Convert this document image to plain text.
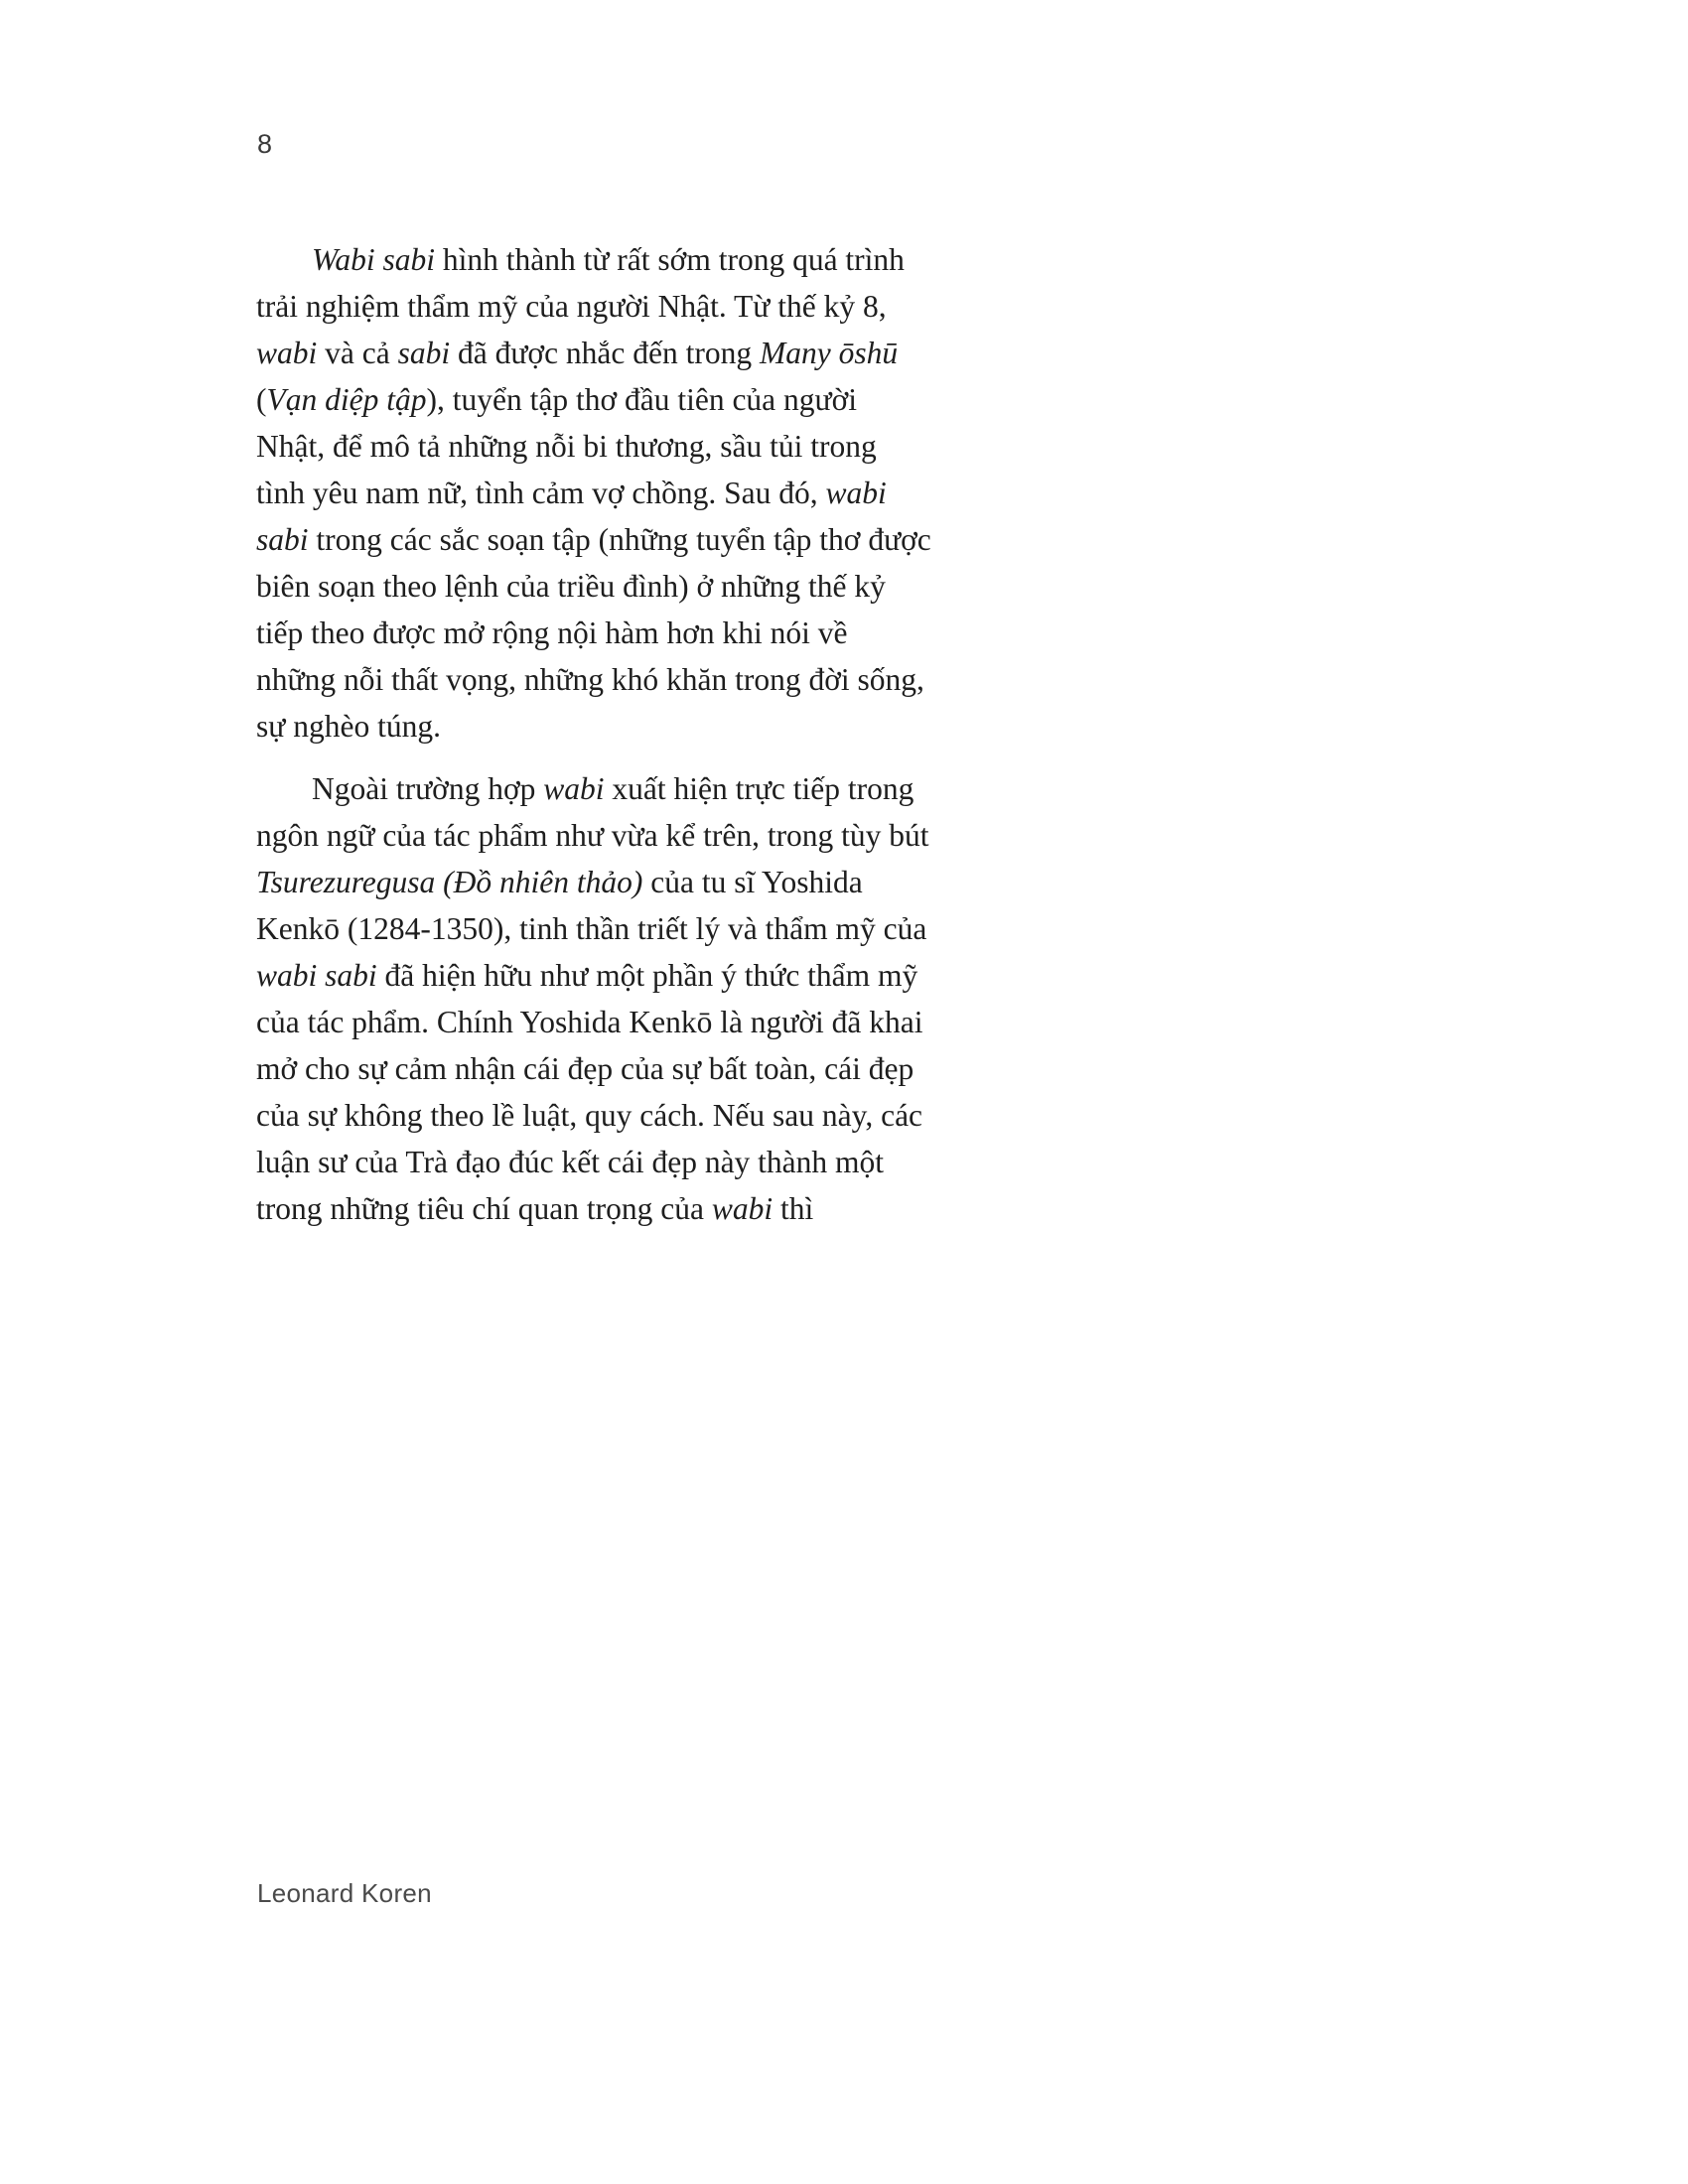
8

Wabi sabi hình thành từ rất sớm trong quá trình trải nghiệm thẩm mỹ của người Nhật. Từ thế kỷ 8, wabi và cả sabi đã được nhắc đến trong Many ōshū (Vạn diệp tập), tuyển tập thơ đầu tiên của người Nhật, để mô tả những nỗi bi thương, sầu tủi trong tình yêu nam nữ, tình cảm vợ chồng. Sau đó, wabi sabi trong các sắc soạn tập (những tuyển tập thơ được biên soạn theo lệnh của triều đình) ở những thế kỷ tiếp theo được mở rộng nội hàm hơn khi nói về những nỗi thất vọng, những khó khăn trong đời sống, sự nghèo túng.

Ngoài trường hợp wabi xuất hiện trực tiếp trong ngôn ngữ của tác phẩm như vừa kể trên, trong tùy bút Tsurezuregusa (Đồ nhiên thảo) của tu sĩ Yoshida Kenkō (1284-1350), tinh thần triết lý và thẩm mỹ của wabi sabi đã hiện hữu như một phần ý thức thẩm mỹ của tác phẩm. Chính Yoshida Kenkō là người đã khai mở cho sự cảm nhận cái đẹp của sự bất toàn, cái đẹp của sự không theo lề luật, quy cách. Nếu sau này, các luận sư của Trà đạo đúc kết cái đẹp này thành một trong những tiêu chí quan trọng của wabi thì

Leonard Koren
